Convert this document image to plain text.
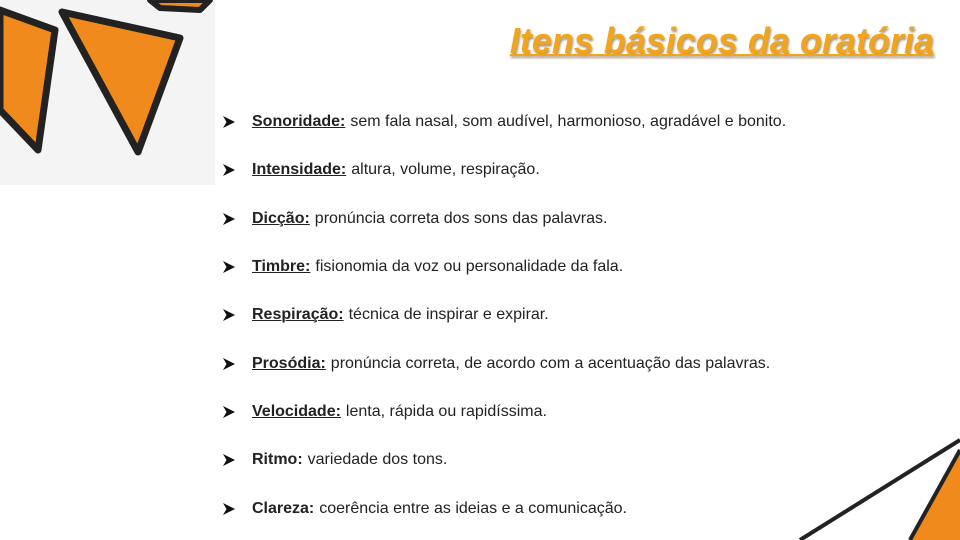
Itens básicos da oratória
Sonoridade: sem fala nasal, som audível, harmonioso, agradável e bonito.
Intensidade: altura, volume, respiração.
Dicção: pronúncia correta dos sons das palavras.
Timbre: fisionomia da voz ou personalidade da fala.
Respiração: técnica de inspirar e expirar.
Prosódia: pronúncia correta, de acordo com a acentuação das palavras.
Velocidade: lenta, rápida ou rapidíssima.
Ritmo: variedade dos tons.
Clareza: coerência entre as ideias e a comunicação.
